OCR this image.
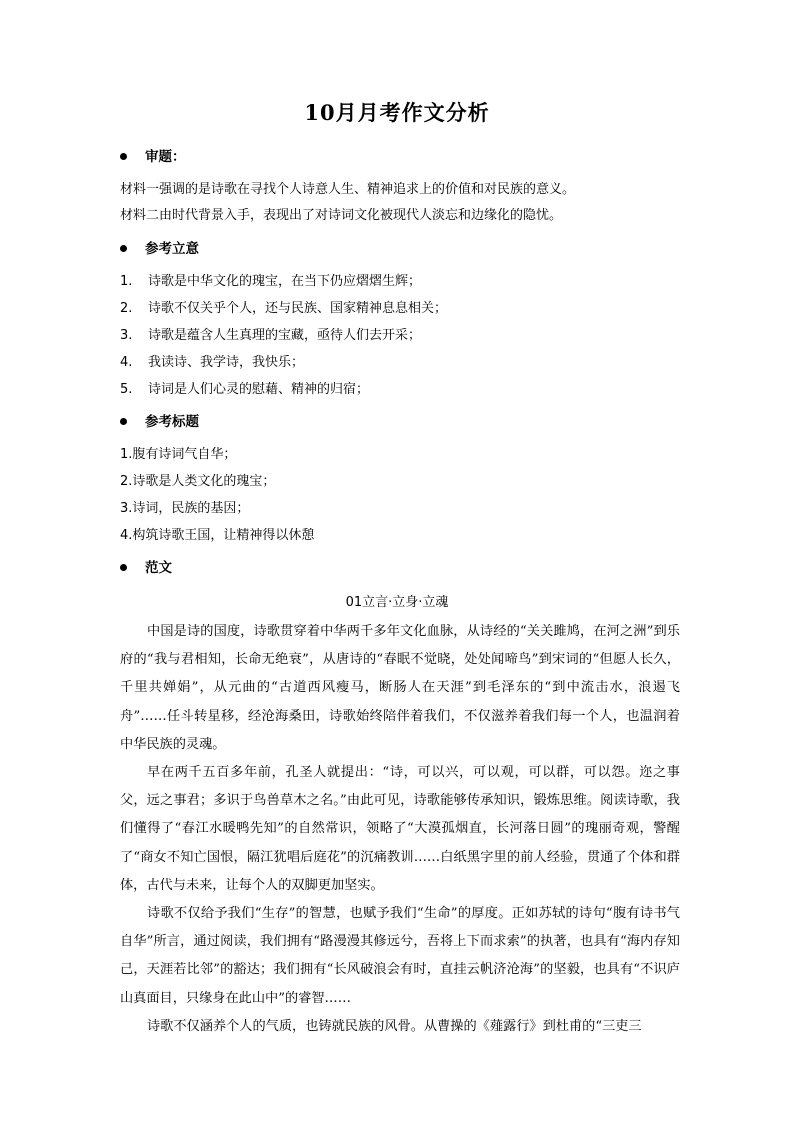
10月月考作文分析
审题：
材料一强调的是诗歌在寻找个人诗意人生、精神追求上的价值和对民族的意义。
材料二由时代背景入手，表现出了对诗词文化被现代人淡忘和边缘化的隐忧。
参考立意
1. 诗歌是中华文化的瑰宝，在当下仍应熠熠生辉；
2. 诗歌不仅关乎个人，还与民族、国家精神息息相关；
3. 诗歌是蕴含人生真理的宝藏，亟待人们去开采；
4. 我读诗、我学诗，我快乐；
5. 诗词是人们心灵的慰藉、精神的归宿；
参考标题
1.腹有诗词气自华；
2.诗歌是人类文化的瑰宝；
3.诗词，民族的基因；
4.构筑诗歌王国，让精神得以休憩
范文
01立言·立身·立魂

中国是诗的国度，诗歌贯穿着中华两千多年文化血脉，从诗经的“关关雎鸠，在河之洲”到乐府的“我与君相知，长命无绝衰”，从唐诗的“春眠不觉晓，处处闻啼鸟”到宋词的“但愿人长久，千里共婵娟”，从元曲的“古道西风瘦马，断肠人在天涯”到毛泽东的“到中流击水，浪遏飞舟”……任斗转星移，经沧海桑田，诗歌始终陪伴着我们，不仅滋养着我们每一个人，也温润着中华民族的灵魂。

早在两千五百多年前，孔圣人就提出：“诗，可以兴，可以观，可以群，可以怨。迩之事父，远之事君；多识于鸟兽草木之名。”由此可见，诗歌能够传承知识，锻炼思维。阅读诗歌，我们懂得了“春江水暖鸭先知”的自然常识，领略了“大漠孤烟直，长河落日圆”的瑰丽奇观，警醒了“商女不知亡国恨，隔江犹唱后庭花”的沉痛教训……白纸黑字里的前人经验，贯通了个体和群体，古代与未来，让每个人的双脚更加坚实。

诗歌不仅给予我们“生存”的智慧，也赋予我们“生命”的厚度。正如苏轼的诗句“腹有诗书气自华”所言，通过阅读，我们拥有“路漫漫其修远兮，吾将上下而求索”的执著，也具有“海内存知己，天涯若比邻”的豁达；我们拥有“长风破浪会有时，直挂云帆济沧海”的坚毅，也具有“不识庐山真面目，只缘身在此山中”的睿智……

诗歌不仅涵养个人的气质，也铸就民族的风骨。从曹操的《薤露行》到杜甫的“三吏三
